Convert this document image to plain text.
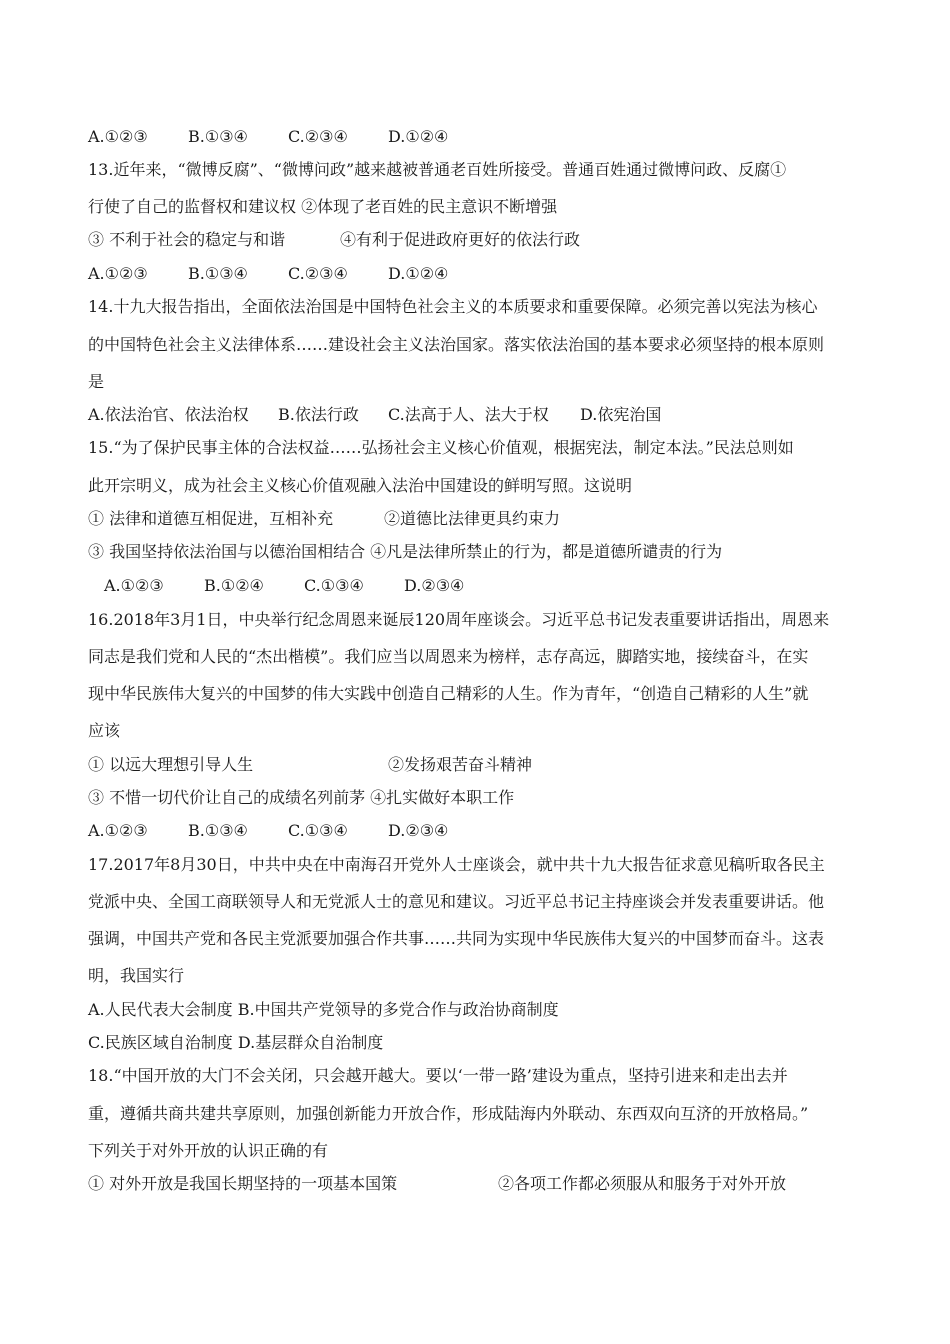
A.①②③	B.①③④	C.②③④	D.①②④
13.近年来，“微博反腐”、“微博问政”越来越被普通老百姓所接受。普通百姓通过微博问政、反腐①
行使了自己的监督权和建议权 ②体现了老百姓的民主意识不断增强
③ 不利于社会的稳定与和谐	④有利于促进政府更好的依法行政
A.①②③	B.①③④	C.②③④	D.①②④
14.十九大报告指出，全面依法治国是中国特色社会主义的本质要求和重要保障。必须完善以宪法为核心
的中国特色社会主义法律体系……建设社会主义法治国家。落实依法治国的基本要求必须坚持的根本原则
是
A.依法治官、依法治权 B.依法行政 C.法高于人、法大于权 D.依宪治国
15.“为了保护民事主体的合法权益……弘扬社会主义核心价值观，根据宪法，制定本法。”民法总则如
此开宗明义，成为社会主义核心价值观融入法治中国建设的鲜明写照。这说明
① 法律和道德互相促进，互相补充	②道德比法律更具约束力
③ 我国坚持依法治国与以德治国相结合 ④凡是法律所禁止的行为，都是道德所谴责的行为
A.①②③	B.①②④	C.①③④	D.②③④
16.2018年3月1日，中央举行纪念周恩来诞辰120周年座谈会。习近平总书记发表重要讲话指出，周恩来
同志是我们党和人民的“杰出楷模”。我们应当以周恩来为榜样，志存高远，脚踏实地，接续奋斗，在实
现中华民族伟大复兴的中国梦的伟大实践中创造自己精彩的人生。作为青年，“创造自己精彩的人生”就
应该
① 以远大理想引导人生	②发扬艰苦奋斗精神
③ 不惜一切代价让自己的成绩名列前茅 ④扎实做好本职工作
A.①②③	B.①③④	C.①③④	D.②③④
17.2017年8月30日，中共中央在中南海召开党外人士座谈会，就中共十九大报告征求意见稿听取各民主
党派中央、全国工商联领导人和无党派人士的意见和建议。习近平总书记主持座谈会并发表重要讲话。他
强调，中国共产党和各民主党派要加强合作共事……共同为实现中华民族伟大复兴的中国梦而奋斗。这表
明，我国实行
A.人民代表大会制度 B.中国共产党领导的多党合作与政治协商制度
C.民族区域自治制度 D.基层群众自治制度
18.“中国开放的大门不会关闭，只会越开越大。要以‘一带一路’建设为重点，坚持引进来和走出去并
重，遵循共商共建共享原则，加强创新能力开放合作，形成陆海内外联动、东西双向互济的开放格局。”
下列关于对外开放的认识正确的有
① 对外开放是我国长期坚持的一项基本国策	②各项工作都必须服从和服务于对外开放
